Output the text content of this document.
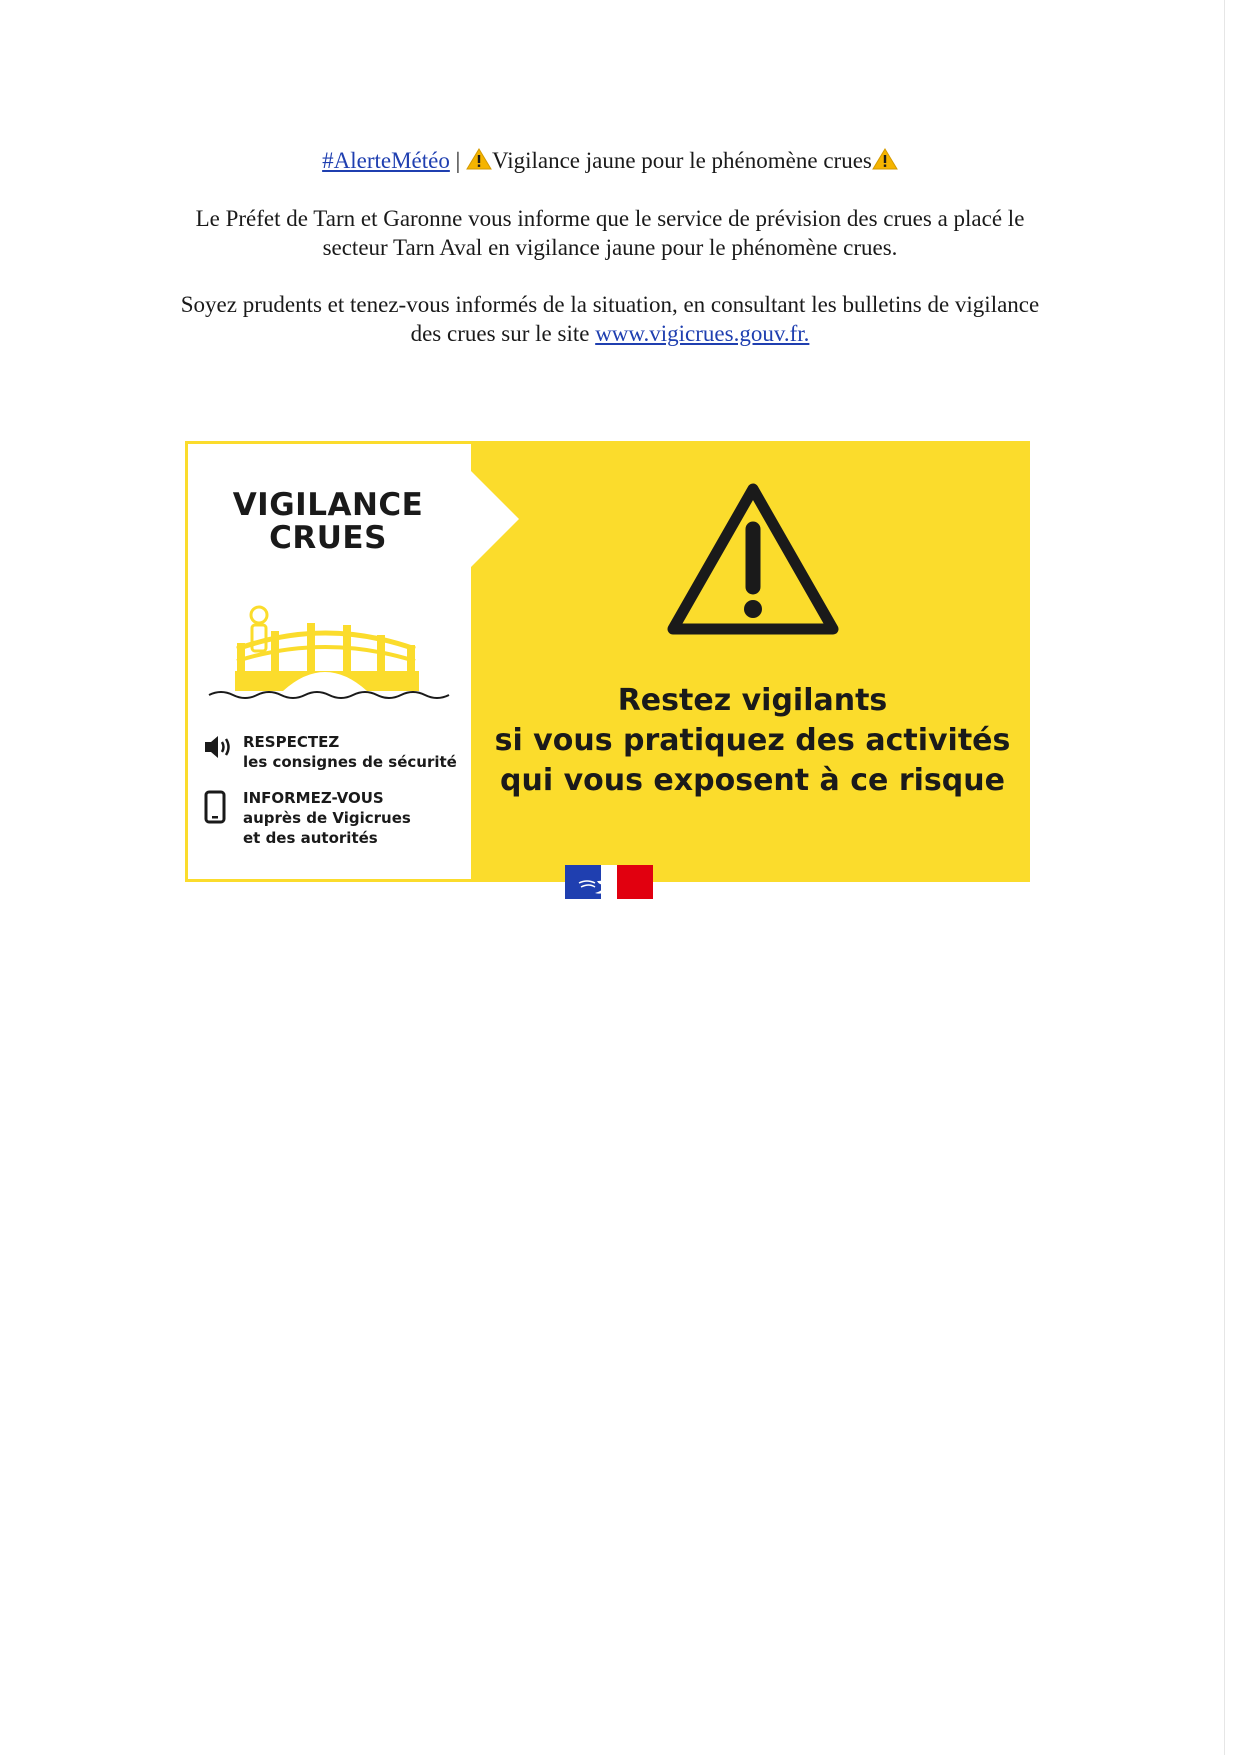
#AlerteMétéo |
Vigilance jaune pour le phénomène crues
Le Préfet de Tarn et Garonne vous informe que le service de prévision des crues a placé le
secteur Tarn Aval en vigilance jaune pour le phénomène crues.
Soyez prudents et tenez-vous informés de la situation, en consultant les bulletins de vigilance
des crues sur le site www.vigicrues.gouv.fr.
VIGILANCE
CRUES
RESPECTEZ
les consignes de sécurité
INFORMEZ-VOUS
auprès de Vigicrues
et des autorités
Restez vigilants
si vous pratiquez des activités
qui vous exposent à ce risque
